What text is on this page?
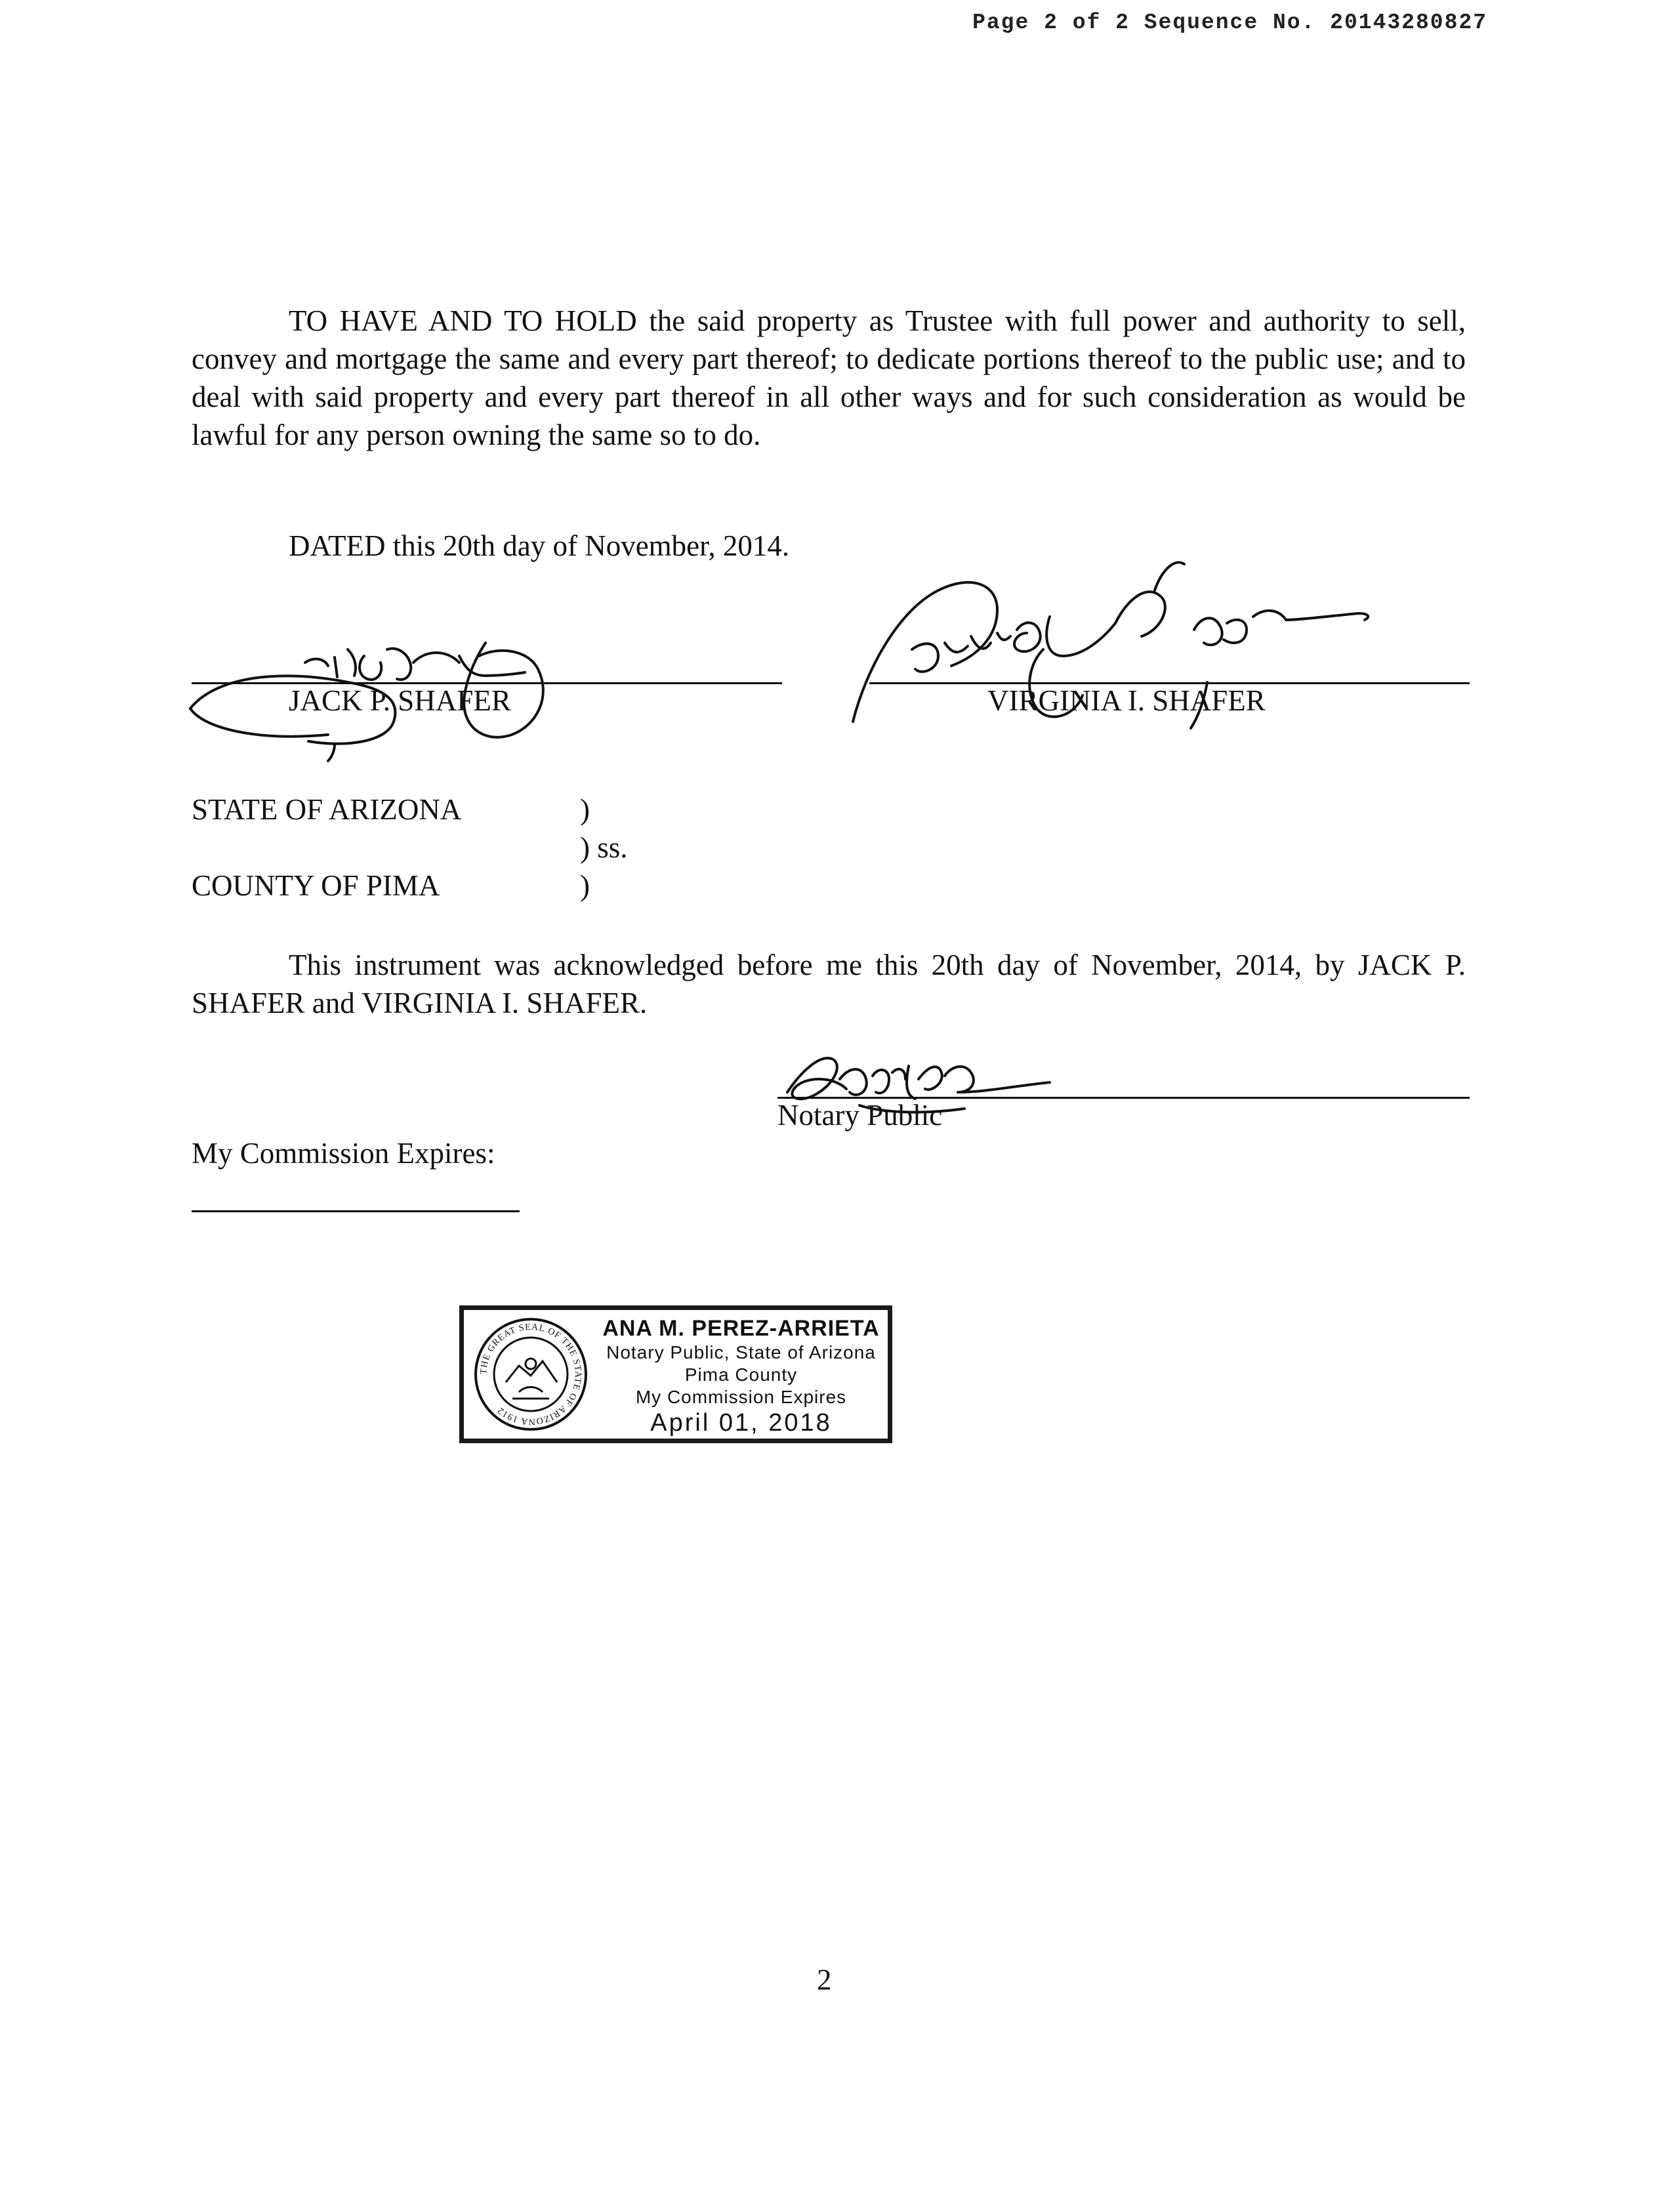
Page 2 of 2 Sequence No. 20143280827

TO HAVE AND TO HOLD the said property as Trustee with full power and authority to sell, convey and mortgage the same and every part thereof; to dedicate portions thereof to the public use; and to deal with said property and every part thereof in all other ways and for such consideration as would be lawful for any person owning the same so to do.

DATED this 20th day of November, 2014.
JACK P. SHAFER	VIRGINIA I. SHAFER
STATE OF ARIZONA	)
) ss.
COUNTY OF PIMA	)

This instrument was acknowledged before me this 20th day of November, 2014, by JACK P. SHAFER and VIRGINIA I. SHAFER.

Notary Public
My Commission Expires:
THE GREAT SEAL OF THE STATE OF ARIZONA 1912
ANA M. PEREZ-ARRIETA
Notary Public, State of Arizona
Pima County
My Commission Expires
April 01, 2018
2
